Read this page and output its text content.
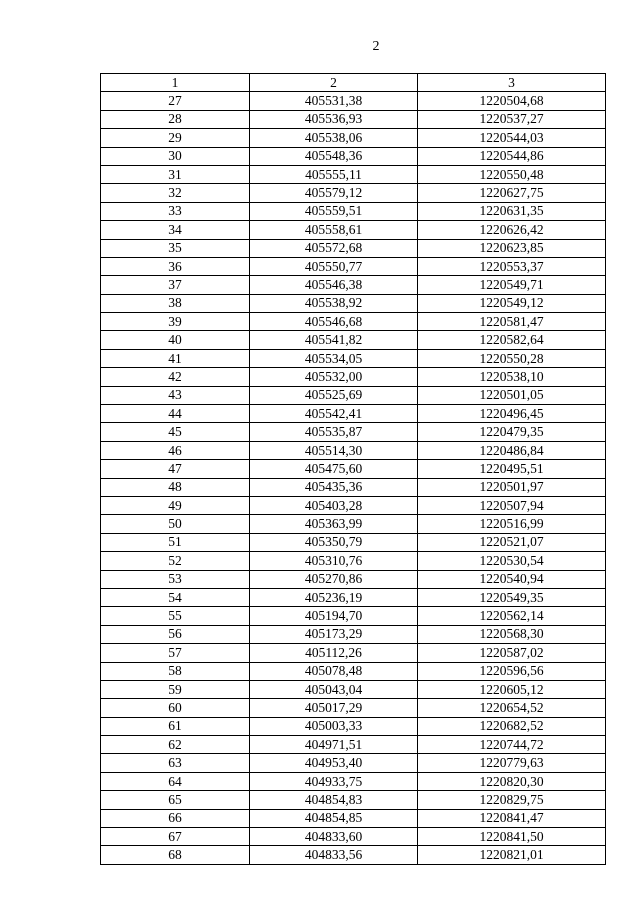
2
1	2	3
27	405531,38	1220504,68
28	405536,93	1220537,27
29	405538,06	1220544,03
30	405548,36	1220544,86
31	405555,11	1220550,48
32	405579,12	1220627,75
33	405559,51	1220631,35
34	405558,61	1220626,42
35	405572,68	1220623,85
36	405550,77	1220553,37
37	405546,38	1220549,71
38	405538,92	1220549,12
39	405546,68	1220581,47
40	405541,82	1220582,64
41	405534,05	1220550,28
42	405532,00	1220538,10
43	405525,69	1220501,05
44	405542,41	1220496,45
45	405535,87	1220479,35
46	405514,30	1220486,84
47	405475,60	1220495,51
48	405435,36	1220501,97
49	405403,28	1220507,94
50	405363,99	1220516,99
51	405350,79	1220521,07
52	405310,76	1220530,54
53	405270,86	1220540,94
54	405236,19	1220549,35
55	405194,70	1220562,14
56	405173,29	1220568,30
57	405112,26	1220587,02
58	405078,48	1220596,56
59	405043,04	1220605,12
60	405017,29	1220654,52
61	405003,33	1220682,52
62	404971,51	1220744,72
63	404953,40	1220779,63
64	404933,75	1220820,30
65	404854,83	1220829,75
66	404854,85	1220841,47
67	404833,60	1220841,50
68	404833,56	1220821,01
